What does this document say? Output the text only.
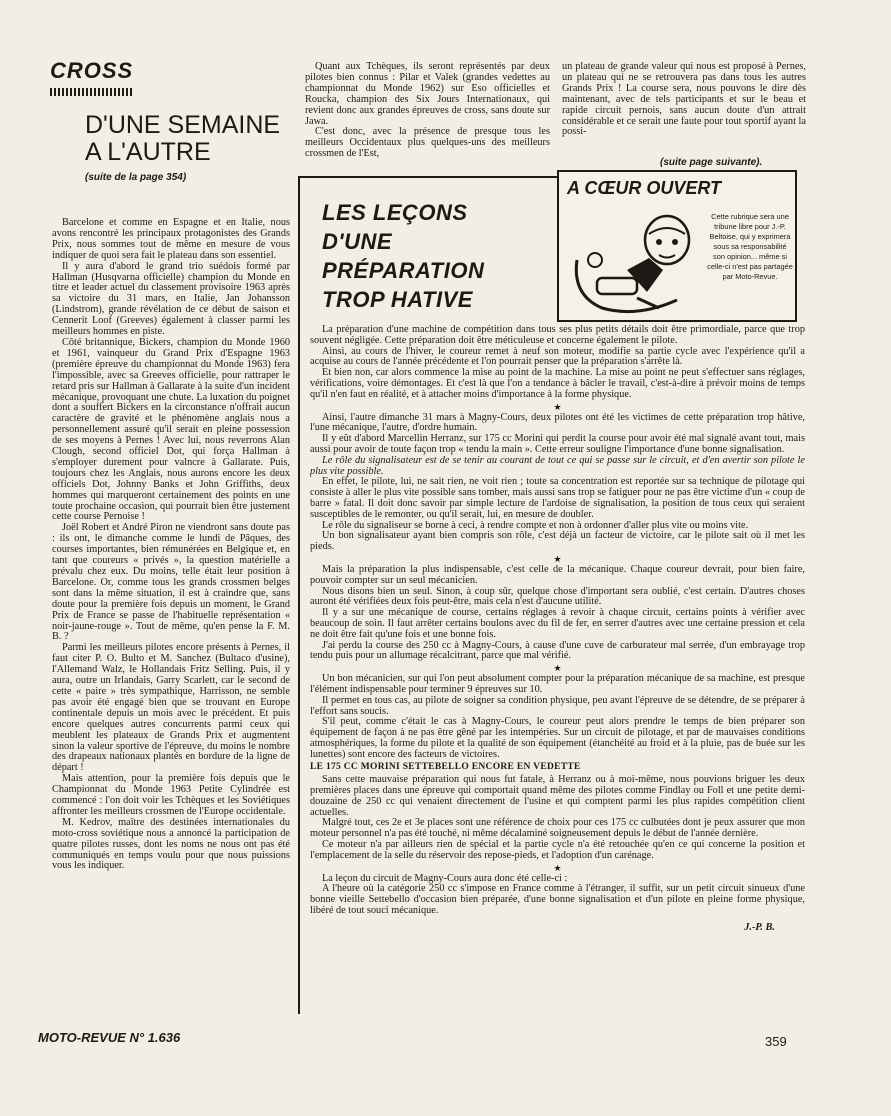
CROSS
D'UNE SEMAINE
A L'AUTRE
(suite de la page 354)

Barcelone et comme en Espagne et en Italie, nous avons rencontré les principaux protagonistes des Grands Prix, nous sommes tout de même en mesure de vous indiquer de quoi sera fait le plateau dans son essentiel.

Il y aura d'abord le grand trio suédois formé par Hallman (Husqvarna officielle) champion du Monde en titre et leader actuel du classement provisoire 1963 après sa victoire du 31 mars, en Italie, Jan Johansson (Lindstrom), grande révélation de ce début de saison et Cennerit Loof (Greeves) également à classer parmi les meilleurs hommes en piste.

Côté britannique, Bickers, champion du Monde 1960 et 1961, vainqueur du Grand Prix d'Espagne 1963 (première épreuve du championnat du Monde 1963) fera l'impossible, avec sa Greeves officielle, pour rattraper le retard pris sur Hallman à Gallarate à la suite d'un incident mécanique, provoquant une chute. La luxation du poignet dont a souffert Bickers en la circonstance n'offrait aucun caractère de gravité et le phénomène anglais nous a personnellement assuré qu'il serait en pleine possession de ses moyens à Pernes ! Avec lui, nous reverrons Alan Clough, second officiel Dot, qui força Hallman à s'employer durement pour valncre à Gallarate. Puis, toujours chez les Anglais, nous aurons encore les deux officiels Dot, Johnny Banks et John Griffiths, deux hommes qui marqueront certainement des points en une toute prochaine occasion, qui pourrait bien être justement cette course Pernoise !

Joël Robert et André Piron ne viendront sans doute pas : ils ont, le dimanche comme le lundi de Pâques, des courses importantes, bien rémunérées en Belgique et, en tant que coureurs « privés », la question matérielle a prévalu chez eux. Du moins, telle était leur position à Barcelone. Or, comme tous les grands crossmen belges sont dans la même situation, il est à craindre que, sans doute pour la première fois depuis un moment, le Grand Prix de France se passe de l'habituelle représentation « noir-jaune-rouge ». Tout de même, qu'en pense la F. M. B. ?

Parmi les meilleurs pilotes encore présents à Pernes, il faut citer P. O. Bulto et M. Sanchez (Bultaco d'usine), l'Allemand Walz, le Hollandais Fritz Selling. Puis, il y aura, outre un Irlandais, Garry Scarlett, car le second de cette « paire » très sympathique, Harrisson, ne semble pas avoir été engagé bien que se trouvant en Europe continentale depuis un mois avec le précédent. Et puis encore quelques autres concurrents parmi ceux qui meublent les plateaux de Grands Prix et augmentent sinon la valeur sportive de l'épreuve, du moins le nombre des drapeaux nationaux plantés en bordure de la ligne de départ !

Mais attention, pour la première fois depuis que le Championnat du Monde 1963 Petite Cylindrée est commencé : l'on doit voir les Tchèques et les Soviétiques affronter les meilleurs crossmen de l'Europe occidentale.

M. Kedrov, maître des destinées internationales du moto-cross soviétique nous a annoncé la participation de quatre pilotes russes, dont les noms ne nous ont pas été communiqués en temps voulu pour que nous puissions vous les indiquer.

Quant aux Tchèques, ils seront représentés par deux pilotes bien connus : Pilar et Valek (grandes vedettes au championnat du Monde 1962) sur Eso officielles et Roucka, champion des Six Jours Internationaux, qui revient donc aux grandes épreuves de cross, sans doute sur Jawa.

C'est donc, avec la présence de presque tous les meilleurs Occidentaux plus quelques-uns des meilleurs crossmen de l'Est,

un plateau de grande valeur qui nous est proposé à Pernes, un plateau qui ne se retrouvera pas dans tous les autres Grands Prix ! La course sera, nous pouvons le dire dès maintenant, avec de tels participants et sur le beau et rapide circuit pernois, sans aucun doute d'un attrait considérable et ce serait une faute pour tout sportif ayant la possi-

(suite page suivante).
LES LEÇONS
D'UNE
PRÉPARATION
TROP HATIVE
A CŒUR OUVERT
Cette rubrique sera une tribune libre pour J.-P. Beltoise, qui y exprimera sous sa responsabilité son opinion... même si celle-ci n'est pas partagée par Moto-Revue.

La préparation d'une machine de compétition dans tous ses plus petits détails doit être primordiale, parce que trop souvent négligée. Cette préparation doit être méticuleuse et concerne également le pilote.

Ainsi, au cours de l'hiver, le coureur remet à neuf son moteur, modifie sa partie cycle avec l'expérience qu'il a acquise au cours de l'année précédente et l'on pourrait penser que la préparation s'arrête là.

Et bien non, car alors commence la mise au point de la machine. La mise au point ne peut s'effectuer sans réglages, vérifications, voire démontages. Et c'est là que l'on a tendance à bâcler le travail, c'est-à-dire à prévoir moins de temps qu'il n'en faut en réalité, et à attacher moins d'importance à la forme physique.

★

Ainsi, l'autre dimanche 31 mars à Magny-Cours, deux pilotes ont été les victimes de cette préparation trop hâtive, l'une mécanique, l'autre, d'ordre humain.

Il y eût d'abord Marcellin Herranz, sur 175 cc Morini qui perdit la course pour avoir été mal signalé avant tout, mais aussi pour avoir de toute façon trop « tendu la main ». Cette erreur souligne l'importance d'une bonne signalisation.

Le rôle du signalisateur est de se tenir au courant de tout ce qui se passe sur le circuit, et d'en avertir son pilote le plus vite possible.

En effet, le pilote, lui, ne sait rien, ne voit rien ; toute sa concentration est reportée sur sa technique de pilotage qui consiste à aller le plus vite possible sans tomber, mais aussi sans trop se fatiguer pour ne pas être victime d'un « coup de barre » fatal. Il doit donc savoir par simple lecture de l'ardoise de signalisation, la position de tous ceux qui seraient susceptibles de le remonter, ou qu'il serait, lui, en mesure de doubler.

Le rôle du signaliseur se borne à ceci, à rendre compte et non à ordonner d'aller plus vite ou moins vite.

Un bon signalisateur ayant bien compris son rôle, c'est déjà un facteur de victoire, car le pilote sait où il met les pieds.

★

Mais la préparation la plus indispensable, c'est celle de la mécanique. Chaque coureur devrait, pour bien faire, pouvoir compter sur un seul mécanicien.

Nous disons bien un seul. Sinon, à coup sûr, quelque chose d'important sera oublié, c'est certain. D'autres choses auront été vérifiées deux fois peut-être, mais cela n'est d'aucune utilité.

Il y a sur une mécanique de course, certains réglages à revoir à chaque circuit, certains points à vérifier avec beaucoup de soin. Il faut arrêter certains boulons avec du fil de fer, en serrer d'autres avec une certaine pression et cela ne doit être fait qu'une fois et une bonne fois.

J'ai perdu la course des 250 cc à Magny-Cours, à cause d'une cuve de carburateur mal serrée, d'un embrayage trop tendu puis pour un allumage récalcitrant, parce que mal vérifié.

★

Un bon mécanicien, sur qui l'on peut absolument compter pour la préparation mécanique de sa machine, est presque l'élément indispensable pour terminer 9 épreuves sur 10.

Il permet en tous cas, au pilote de soigner sa condition physique, peu avant l'épreuve de se détendre, de se préparer à l'effort sans soucis.

S'il peut, comme c'était le cas à Magny-Cours, le coureur peut alors prendre le temps de bien préparer son équipement de façon à ne pas être gêné par les intempéries. Sur un circuit de pilotage, et par de mauvaises conditions atmosphériques, la forme du pilote et la qualité de son équipement (étanchéité au froid et à la pluie, pas de buée sur les lunettes) sont encore des facteurs de victoires.

LE 175 CC MORINI SETTEBELLO ENCORE EN VEDETTE

Sans cette mauvaise préparation qui nous fut fatale, à Herranz ou à moi-même, nous pouvions briguer les deux premières places dans une épreuve qui comportait quand même des pilotes comme Findlay ou Foll et une petite demi-douzaine de 250 cc qui venaient directement de l'usine et qui comptent parmi les plus rapides compétition client actuelles.

Malgré tout, ces 2e et 3e places sont une référence de choix pour ces 175 cc culbutées dont je peux assurer que mon moteur personnel n'a pas été touché, ni même décalaminé soigneusement depuis le début de l'année dernière.

Ce moteur n'a par ailleurs rien de spécial et la partie cycle n'a été retouchée qu'en ce qui concerne la position et l'emplacement de la selle du réservoir des repose-pieds, et l'adoption d'un carénage.

★

La leçon du circuit de Magny-Cours aura donc été celle-ci :

A l'heure où la catégorie 250 cc s'impose en France comme à l'étranger, il suffit, sur un petit circuit sinueux d'une bonne vieille Settebello d'occasion bien préparée, d'une bonne signalisation et d'un pilote en pleine forme physique, libéré de tout souci mécanique.

J.-P. B.

MOTO-REVUE N° 1.636	359
